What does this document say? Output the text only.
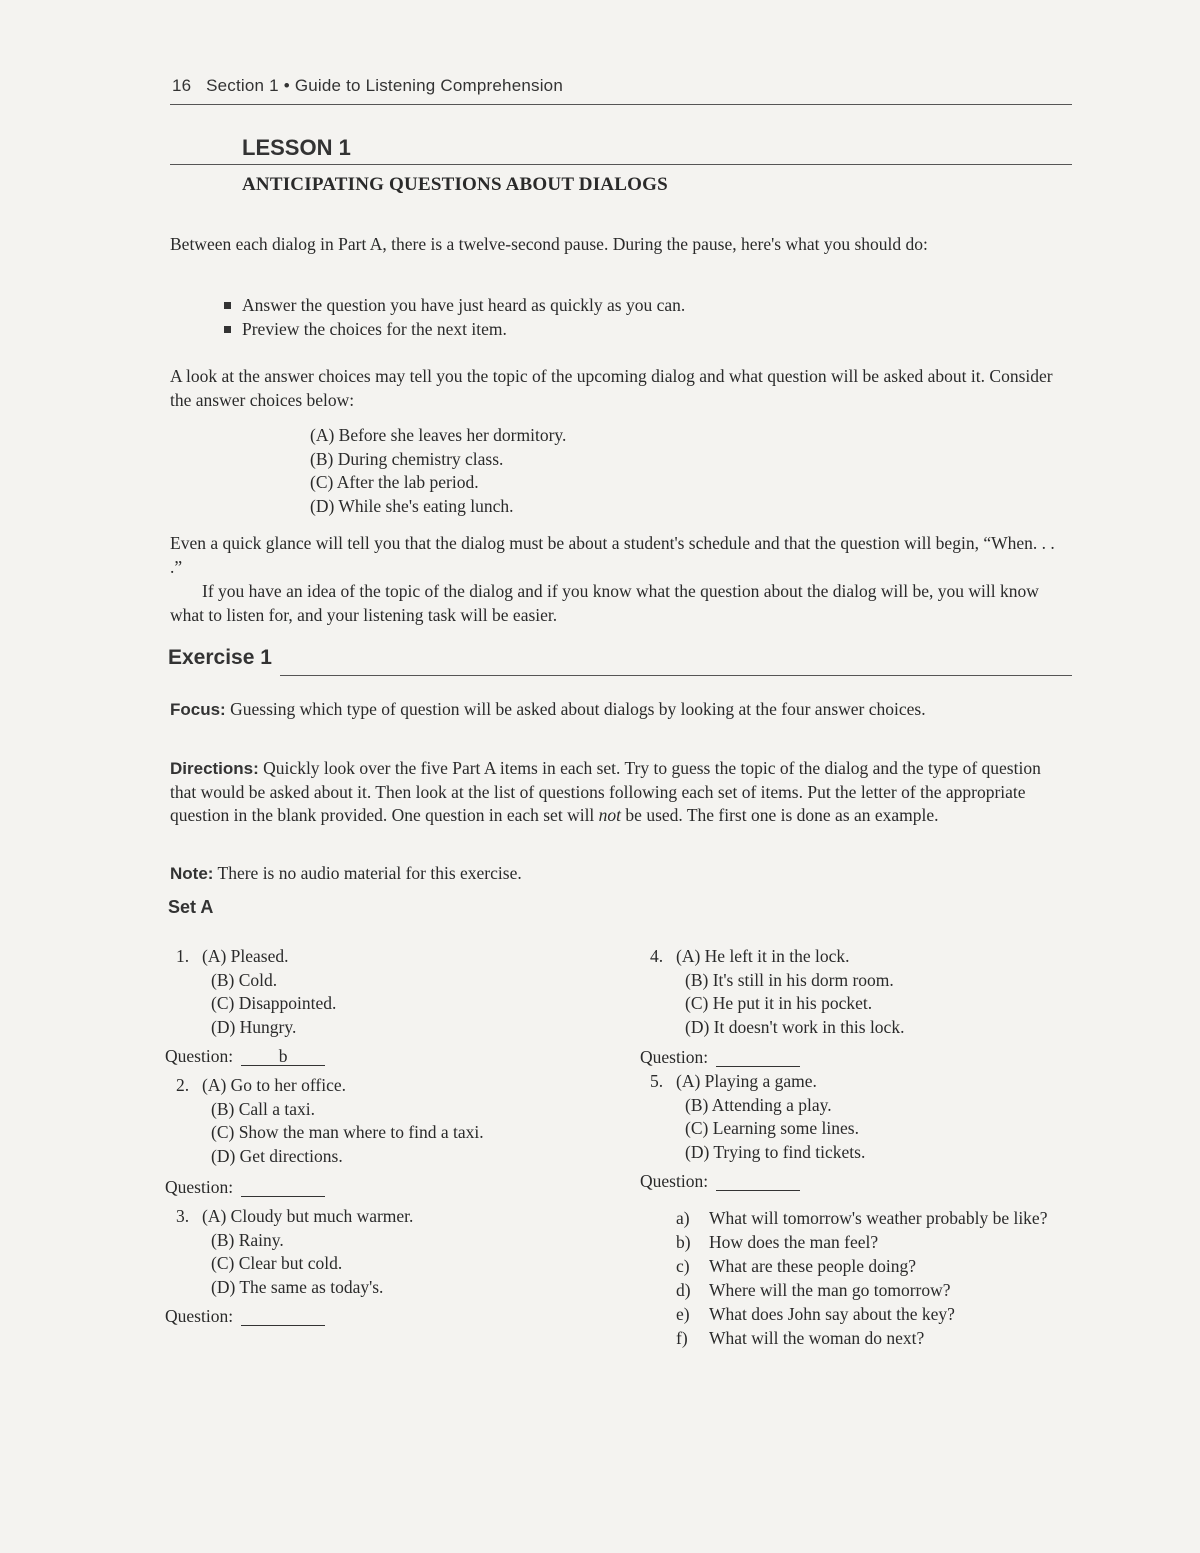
16 Section 1 • Guide to Listening Comprehension
LESSON 1
ANTICIPATING QUESTIONS ABOUT DIALOGS
Between each dialog in Part A, there is a twelve-second pause. During the pause, here's what you should do:
Answer the question you have just heard as quickly as you can.
Preview the choices for the next item.
A look at the answer choices may tell you the topic of the upcoming dialog and what question will be asked about it. Consider the answer choices below:
(A) Before she leaves her dormitory.
(B) During chemistry class.
(C) After the lab period.
(D) While she's eating lunch.
Even a quick glance will tell you that the dialog must be about a student's schedule and that the question will begin, “When. . . .”
If you have an idea of the topic of the dialog and if you know what the question about the dialog will be, you will know what to listen for, and your listening task will be easier.
Exercise 1
Focus: Guessing which type of question will be asked about dialogs by looking at the four answer choices.
Directions: Quickly look over the five Part A items in each set. Try to guess the topic of the dialog and the type of question that would be asked about it. Then look at the list of questions following each set of items. Put the letter of the appropriate question in the blank provided. One question in each set will not be used. The first one is done as an example.
Note: There is no audio material for this exercise.
Set A
1. (A) Pleased.
(B) Cold.
(C) Disappointed.
(D) Hungry.
Question:	b
2. (A) Go to her office.
(B) Call a taxi.
(C) Show the man where to find a taxi.
(D) Get directions.
Question:
3. (A) Cloudy but much warmer.
(B) Rainy.
(C) Clear but cold.
(D) The same as today's.
Question:
4. (A) He left it in the lock.
(B) It's still in his dorm room.
(C) He put it in his pocket.
(D) It doesn't work in this lock.
Question:
5. (A) Playing a game.
(B) Attending a play.
(C) Learning some lines.
(D) Trying to find tickets.
Question:
a)	What will tomorrow's weather probably be like?
b)	How does the man feel?
c)	What are these people doing?
d)	Where will the man go tomorrow?
e)	What does John say about the key?
f)	What will the woman do next?
